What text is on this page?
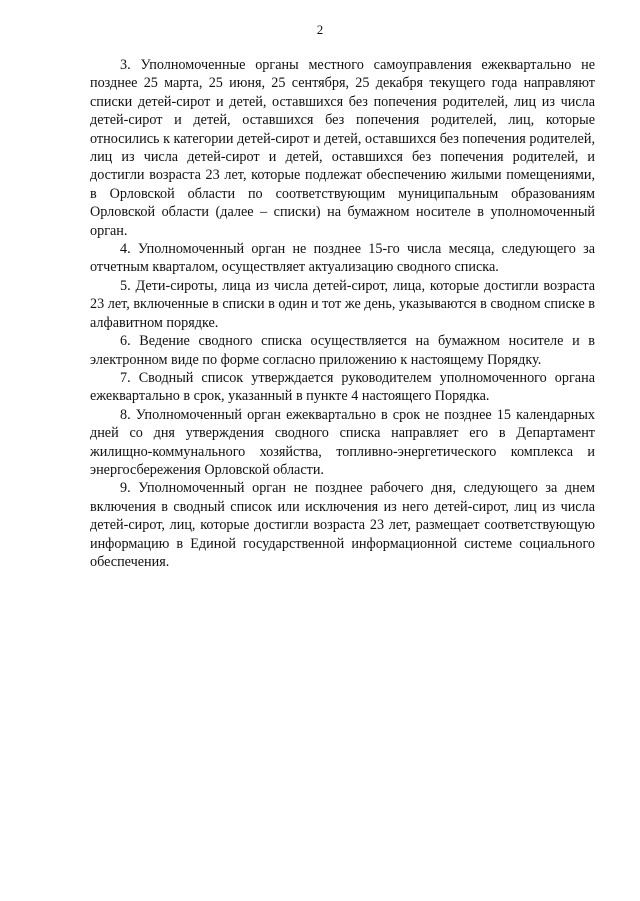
2

3. Уполномоченные органы местного самоуправления ежеквартально не позднее 25 марта, 25 июня, 25 сентября, 25 декабря текущего года направляют списки детей-сирот и детей, оставшихся без попечения родителей, лиц из числа детей-сирот и детей, оставшихся без попечения родителей, лиц, которые относились к категории детей-сирот и детей, оставшихся без попечения родителей, лиц из числа детей-сирот и детей, оставшихся без попечения родителей, и достигли возраста 23 лет, которые подлежат обеспечению жилыми помещениями, в Орловской области по соответствующим муниципальным образованиям Орловской области (далее – списки) на бумажном носителе в уполномоченный орган.

4. Уполномоченный орган не позднее 15-го числа месяца, следующего за отчетным кварталом, осуществляет актуализацию сводного списка.

5. Дети-сироты, лица из числа детей-сирот, лица, которые достигли возраста 23 лет, включенные в списки в один и тот же день, указываются в сводном списке в алфавитном порядке.

6. Ведение сводного списка осуществляется на бумажном носителе и в электронном виде по форме согласно приложению к настоящему Порядку.

7. Сводный список утверждается руководителем уполномоченного органа ежеквартально в срок, указанный в пункте 4 настоящего Порядка.

8. Уполномоченный орган ежеквартально в срок не позднее 15 календарных дней со дня утверждения сводного списка направляет его в Департамент жилищно-коммунального хозяйства, топливно-энергетического комплекса и энергосбережения Орловской области.

9. Уполномоченный орган не позднее рабочего дня, следующего за днем включения в сводный список или исключения из него детей-сирот, лиц из числа детей-сирот, лиц, которые достигли возраста 23 лет, размещает соответствующую информацию в Единой государственной информационной системе социального обеспечения.
